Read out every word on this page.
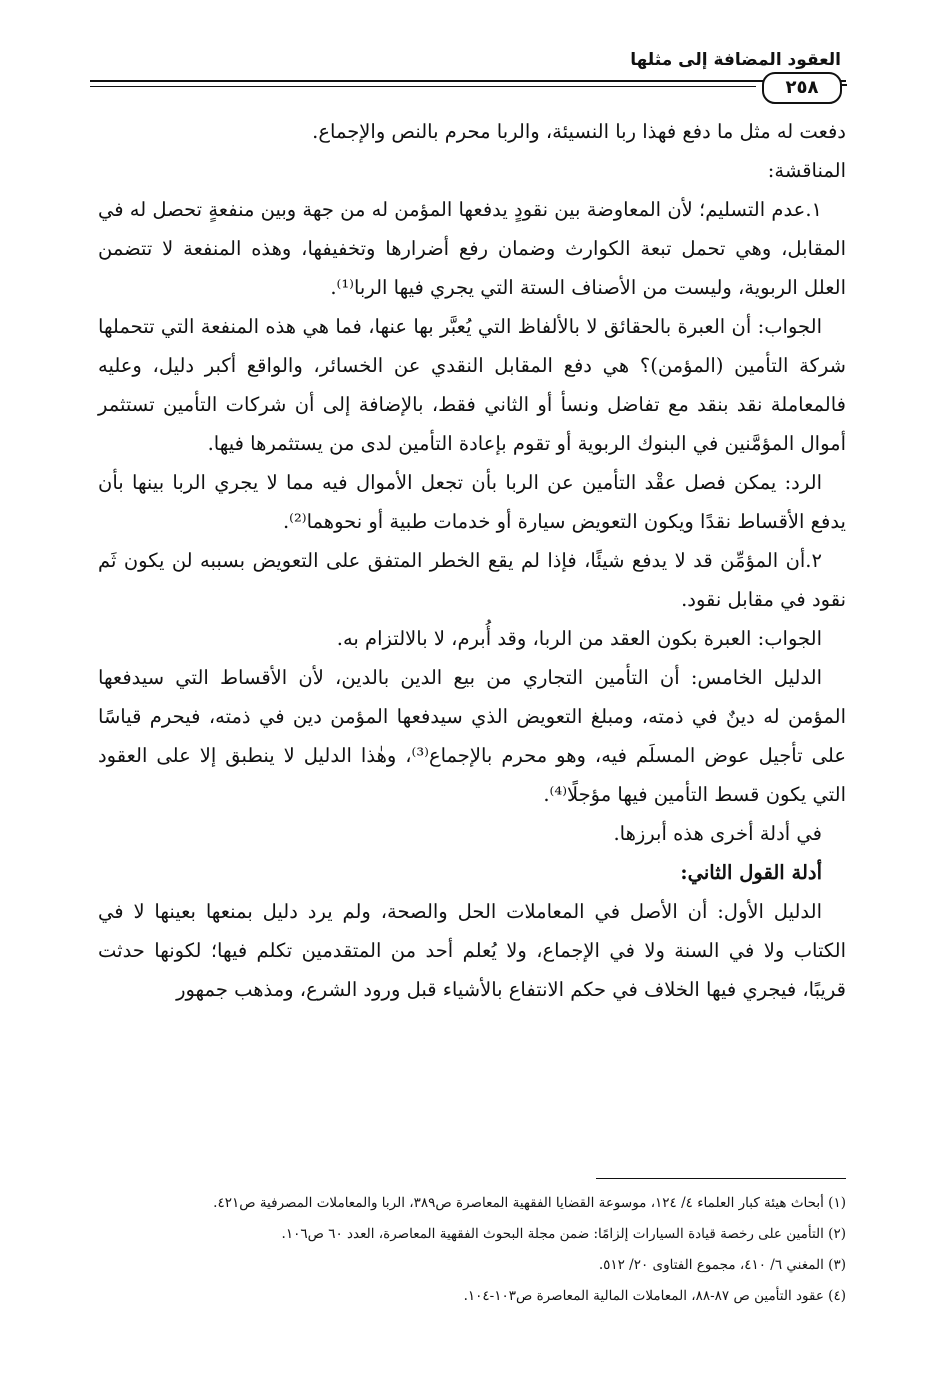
العقود المضافة إلى مثلها
٢٥٨

دفعت له مثل ما دفع فهذا ربا النسيئة، والربا محرم بالنص والإجماع.

المناقشة:

١.عدم التسليم؛ لأن المعاوضة بين نقودٍ يدفعها المؤمن له من جهة وبين منفعةٍ تحصل له في المقابل، وهي تحمل تبعة الكوارث وضمان رفع أضرارها وتخفيفها، وهذه المنفعة لا تتضمن العلل الربوية، وليست من الأصناف الستة التي يجري فيها الربا⁽¹⁾.

الجواب: أن العبرة بالحقائق لا بالألفاظ التي يُعبَّر بها عنها، فما هي هذه المنفعة التي تتحملها شركة التأمين (المؤمن)؟ هي دفع المقابل النقدي عن الخسائر، والواقع أكبر دليل، وعليه فالمعاملة نقد بنقد مع تفاضل ونسأ أو الثاني فقط، بالإضافة إلى أن شركات التأمين تستثمر أموال المؤمَّنين في البنوك الربوية أو تقوم بإعادة التأمين لدى من يستثمرها فيها.

الرد: يمكن فصل عقْد التأمين عن الربا بأن تجعل الأموال فيه مما لا يجري الربا بينها بأن يدفع الأقساط نقدًا ويكون التعويض سيارة أو خدمات طبية أو نحوهما⁽²⁾.

٢.أن المؤمِّن قد لا يدفع شيئًا، فإذا لم يقع الخطر المتفق على التعويض بسببه لن يكون ثَم نقود في مقابل نقود.

الجواب: العبرة بكون العقد من الربا، وقد أُبرم، لا بالالتزام به.

الدليل الخامس: أن التأمين التجاري من بيع الدين بالدين، لأن الأقساط التي سيدفعها المؤمن له دينٌ في ذمته، ومبلغ التعويض الذي سيدفعها المؤمن دين في ذمته، فيحرم قياسًا على تأجيل عوض المسلَم فيه، وهو محرم بالإجماع⁽³⁾، وهٰذا الدليل لا ينطبق إلا على العقود التي يكون قسط التأمين فيها مؤجلًا⁽⁴⁾.

في أدلة أخرى هذه أبرزها.

أدلة القول الثاني:

الدليل الأول: أن الأصل في المعاملات الحل والصحة، ولم يرد دليل بمنعها بعينها لا في الكتاب ولا في السنة ولا في الإجماع، ولا يُعلم أحد من المتقدمين تكلم فيها؛ لكونها حدثت قريبًا، فيجري فيها الخلاف في حكم الانتفاع بالأشياء قبل ورود الشرع، ومذهب جمهور

(١) أبحاث هيئة كبار العلماء ٤/ ١٢٤، موسوعة القضايا الفقهية المعاصرة ص٣٨٩، الربا والمعاملات المصرفية ص٤٢١.

(٢) التأمين على رخصة قيادة السيارات إلزامًا: ضمن مجلة البحوث الفقهية المعاصرة، العدد ٦٠ ص١٠٦.

(٣) المغني ٦/ ٤١٠، مجموع الفتاوى ٢٠/ ٥١٢.

(٤) عقود التأمين ص ٨٧-٨٨، المعاملات المالية المعاصرة ص١٠٣-١٠٤.
